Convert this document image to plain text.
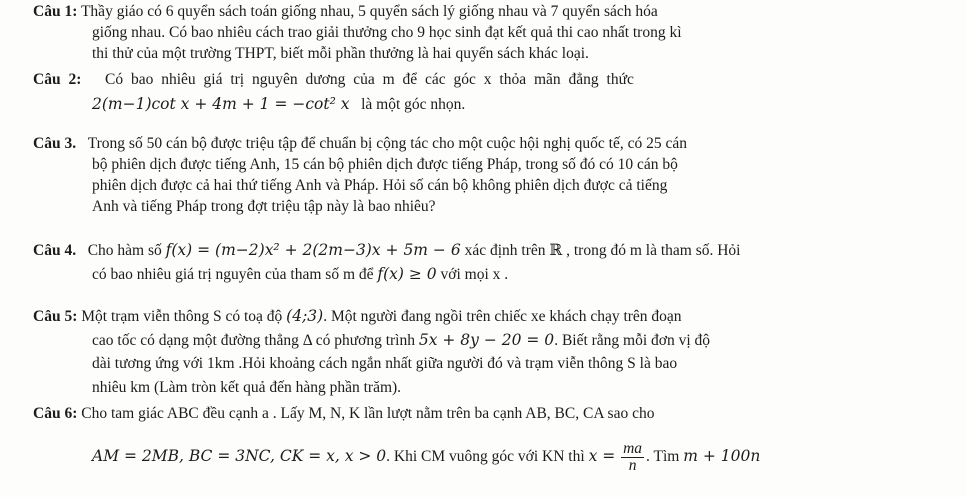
Câu 1: Thầy giáo có 6 quyển sách toán giống nhau, 5 quyển sách lý giống nhau và 7 quyển sách hóa
giống nhau. Có bao nhiêu cách trao giải thưởng cho 9 học sinh đạt kết quả thi cao nhất trong kì
thi thử của một trường THPT, biết mỗi phần thưởng là hai quyển sách khác loại.
Câu 2: Có bao nhiêu giá trị nguyên dương của m để các góc x thỏa mãn đẳng thức
2(m−1)cot x + 4m + 1 = −cot² x là một góc nhọn.
Câu 3. Trong số 50 cán bộ được triệu tập để chuẩn bị cộng tác cho một cuộc hội nghị quốc tế, có 25 cán
bộ phiên dịch được tiếng Anh, 15 cán bộ phiên dịch được tiếng Pháp, trong số đó có 10 cán bộ
phiên dịch được cả hai thứ tiếng Anh và Pháp. Hỏi số cán bộ không phiên dịch được cả tiếng
Anh và tiếng Pháp trong đợt triệu tập này là bao nhiêu?
Câu 4. Cho hàm số f(x) = (m−2)x² + 2(2m−3)x + 5m − 6 xác định trên ℝ , trong đó m là tham số. Hỏi
có bao nhiêu giá trị nguyên của tham số m để f(x) ≥ 0 với mọi x .
Câu 5: Một trạm viễn thông S có toạ độ (4;3). Một người đang ngồi trên chiếc xe khách chạy trên đoạn
cao tốc có dạng một đường thẳng Δ có phương trình 5x + 8y − 20 = 0. Biết rằng mỗi đơn vị độ
dài tương ứng với 1km .Hỏi khoảng cách ngắn nhất giữa người đó và trạm viễn thông S là bao
nhiêu km (Làm tròn kết quả đến hàng phần trăm).
Câu 6: Cho tam giác ABC đều cạnh a . Lấy M, N, K lần lượt nằm trên ba cạnh AB, BC, CA sao cho
AM = 2MB, BC = 3NC, CK = x, x > 0. Khi CM vuông góc với KN thì $x = \frac{ma}{n}$ . Tìm m + 100n
